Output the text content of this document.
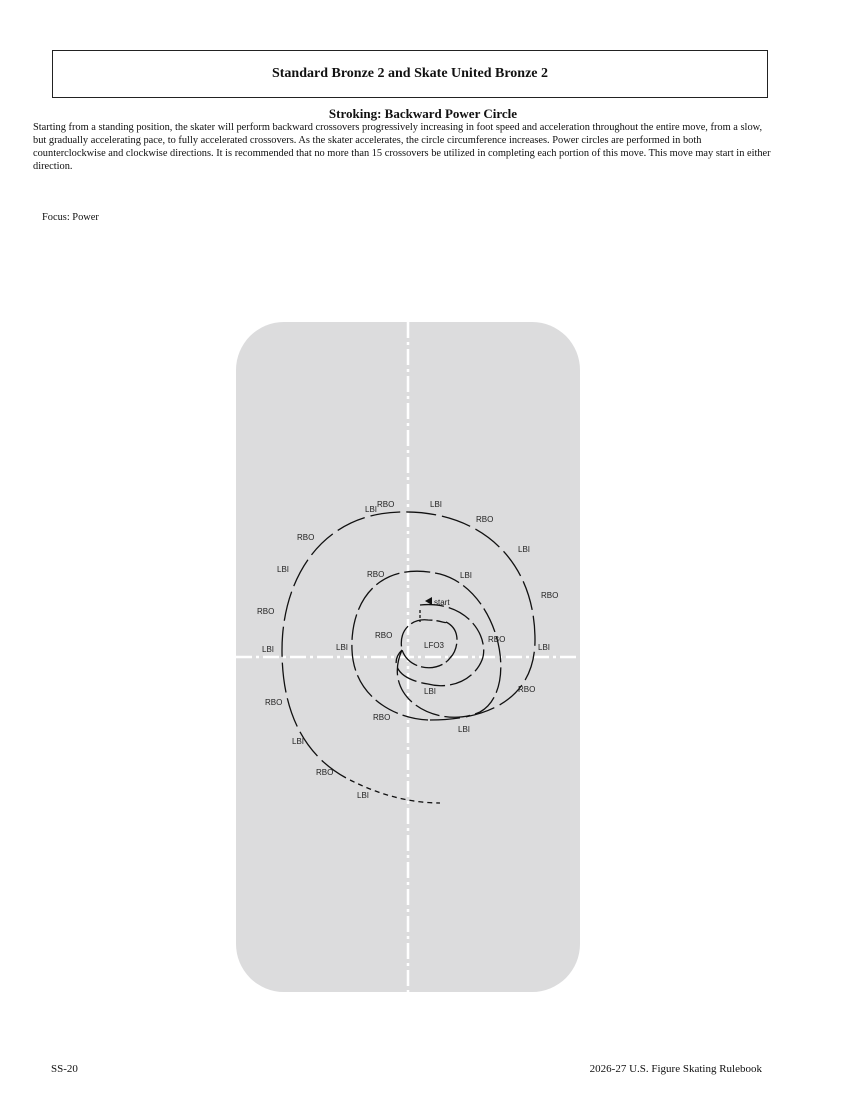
Standard Bronze 2 and Skate United Bronze 2
Stroking: Backward Power Circle
Starting from a standing position, the skater will perform backward crossovers progressively increasing in foot speed and acceleration throughout the entire move, from a slow, but gradually accelerating pace, to fully accelerated crossovers. As the skater accelerates, the circle circumference increases. Power circles are performed in both counterclockwise and clockwise directions. It is recommended that no more than 15 crossovers be utilized in completing each portion of this move. This move may start in either direction.
Focus: Power
start
LFO3
LBI
RBO	LBI
RBO
LBI
RBO
LBI
RBO
LBI
RBO
LBI
RBO
LBI
RBO
LBI
RBO
LBI
RBO	LBI
RBO
LBI
RBO
LBI
RBO
SS-20	2026-27 U.S. Figure Skating Rulebook
